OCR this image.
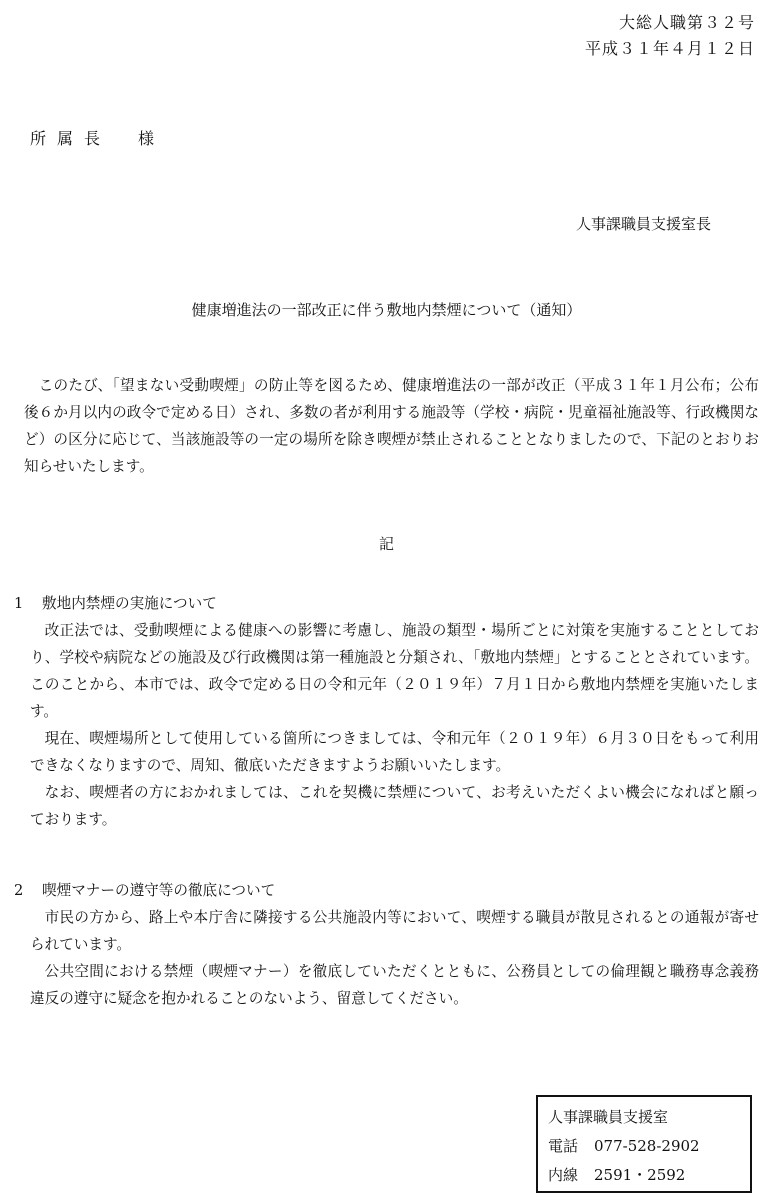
大総人職第３２号
平成３１年４月１２日
所属長　様
人事課職員支援室長
健康増進法の一部改正に伴う敷地内禁煙について（通知）

このたび、「望まない受動喫煙」の防止等を図るため、健康増進法の一部が改正（平成３１年１月公布；公布後６か月以内の政令で定める日）され、多数の者が利用する施設等（学校・病院・児童福祉施設等、行政機関など）の区分に応じて、当該施設等の一定の場所を除き喫煙が禁止されることとなりましたので、下記のとおりお知らせいたします。

記
1 敷地内禁煙の実施について

改正法では、受動喫煙による健康への影響に考慮し、施設の類型・場所ごとに対策を実施することとしており、学校や病院などの施設及び行政機関は第一種施設と分類され、「敷地内禁煙」とすることとされています。このことから、本市では、政令で定める日の令和元年（２０１９年）７月１日から敷地内禁煙を実施いたします。

現在、喫煙場所として使用している箇所につきましては、令和元年（２０１９年）６月３０日をもって利用できなくなりますので、周知、徹底いただきますようお願いいたします。

なお、喫煙者の方におかれましては、これを契機に禁煙について、お考えいただくよい機会になればと願っております。

2 喫煙マナーの遵守等の徹底について

市民の方から、路上や本庁舎に隣接する公共施設内等において、喫煙する職員が散見されるとの通報が寄せられています。

公共空間における禁煙（喫煙マナー）を徹底していただくとともに、公務員としての倫理観と職務専念義務違反の遵守に疑念を抱かれることのないよう、留意してください。

人事課職員支援室
電話 077-528-2902
内線 2591・2592
